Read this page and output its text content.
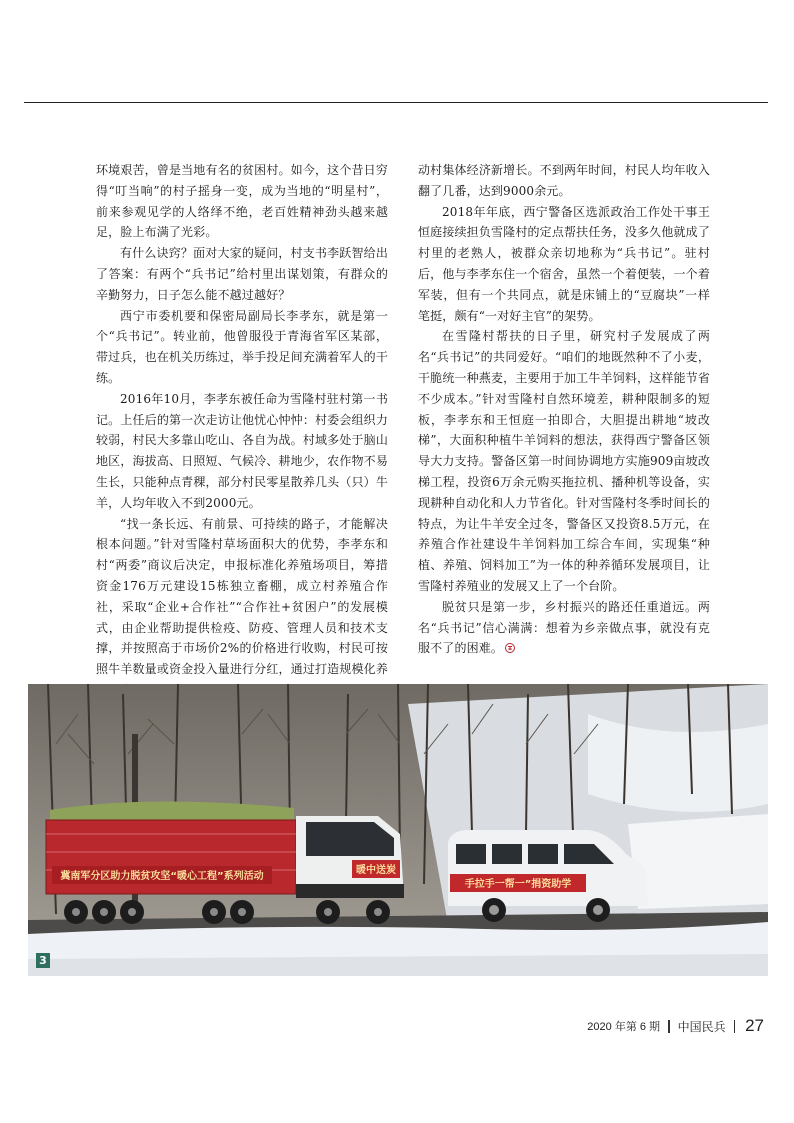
环境艰苦，曾是当地有名的贫困村。如今，这个昔日穷得“叮当响”的村子摇身一变，成为当地的“明星村”，前来参观见学的人络绎不绝，老百姓精神劲头越来越足，脸上布满了光彩。

有什么诀窍？面对大家的疑问，村支书李跃智给出了答案：有两个“兵书记”给村里出谋划策，有群众的辛勤努力，日子怎么能不越过越好？

西宁市委机要和保密局副局长李孝东，就是第一个“兵书记”。转业前，他曾服役于青海省军区某部，带过兵，也在机关历练过，举手投足间充满着军人的干练。

2016年10月，李孝东被任命为雪隆村驻村第一书记。上任后的第一次走访让他忧心忡忡：村委会组织力较弱，村民大多靠山吃山、各自为战。村域多处于脑山地区，海拔高、日照短、气候冷、耕地少，农作物不易生长，只能种点青稞，部分村民零星散养几头（只）牛羊，人均年收入不到2000元。

“找一条长远、有前景、可持续的路子，才能解决根本问题。”针对雪隆村草场面积大的优势，李孝东和村“两委”商议后决定，申报标准化养殖场项目，筹措资金176万元建设15栋独立畜棚，成立村养殖合作社，采取“企业+合作社”“合作社+贫困户”的发展模式，由企业帮助提供检疫、防疫、管理人员和技术支撑，并按照高于市场价2%的价格进行收购，村民可按照牛羊数量或资金投入量进行分红，通过打造规模化养

动村集体经济新增长。不到两年时间，村民人均年收入翻了几番，达到9000余元。

2018年年底，西宁警备区选派政治工作处干事王恒庭接续担负雪隆村的定点帮扶任务，没多久他就成了村里的老熟人，被群众亲切地称为“兵书记”。驻村后，他与李孝东住一个宿舍，虽然一个着便装，一个着军装，但有一个共同点，就是床铺上的“豆腐块”一样笔挺，颇有“一对好主官”的架势。

在雪隆村帮扶的日子里，研究村子发展成了两名“兵书记”的共同爱好。“咱们的地既然种不了小麦，干脆统一种燕麦，主要用于加工牛羊饲料，这样能节省不少成本。”针对雪隆村自然环境差，耕种限制多的短板，李孝东和王恒庭一拍即合，大胆提出耕地“坡改梯”，大面积种植牛羊饲料的想法，获得西宁警备区领导大力支持。警备区第一时间协调地方实施909亩坡改梯工程，投资6万余元购买拖拉机、播种机等设备，实现耕种自动化和人力节省化。针对雪隆村冬季时间长的特点，为让牛羊安全过冬，警备区又投资8.5万元，在养殖合作社建设牛羊饲料加工综合车间，实现集“种植、养殖、饲料加工”为一体的种养循环发展项目，让雪隆村养殖业的发展又上了一个台阶。

脱贫只是第一步，乡村振兴的路还任重道远。两名“兵书记”信心满满：想着为乡亲做点事，就没有克服不了的困难。

冀南军分区助力脱贫攻坚“暖心工程”系列活动
暖中送炭
手拉手一帮一”捐资助学
3
2020 年第 6 期 中国民兵 27
